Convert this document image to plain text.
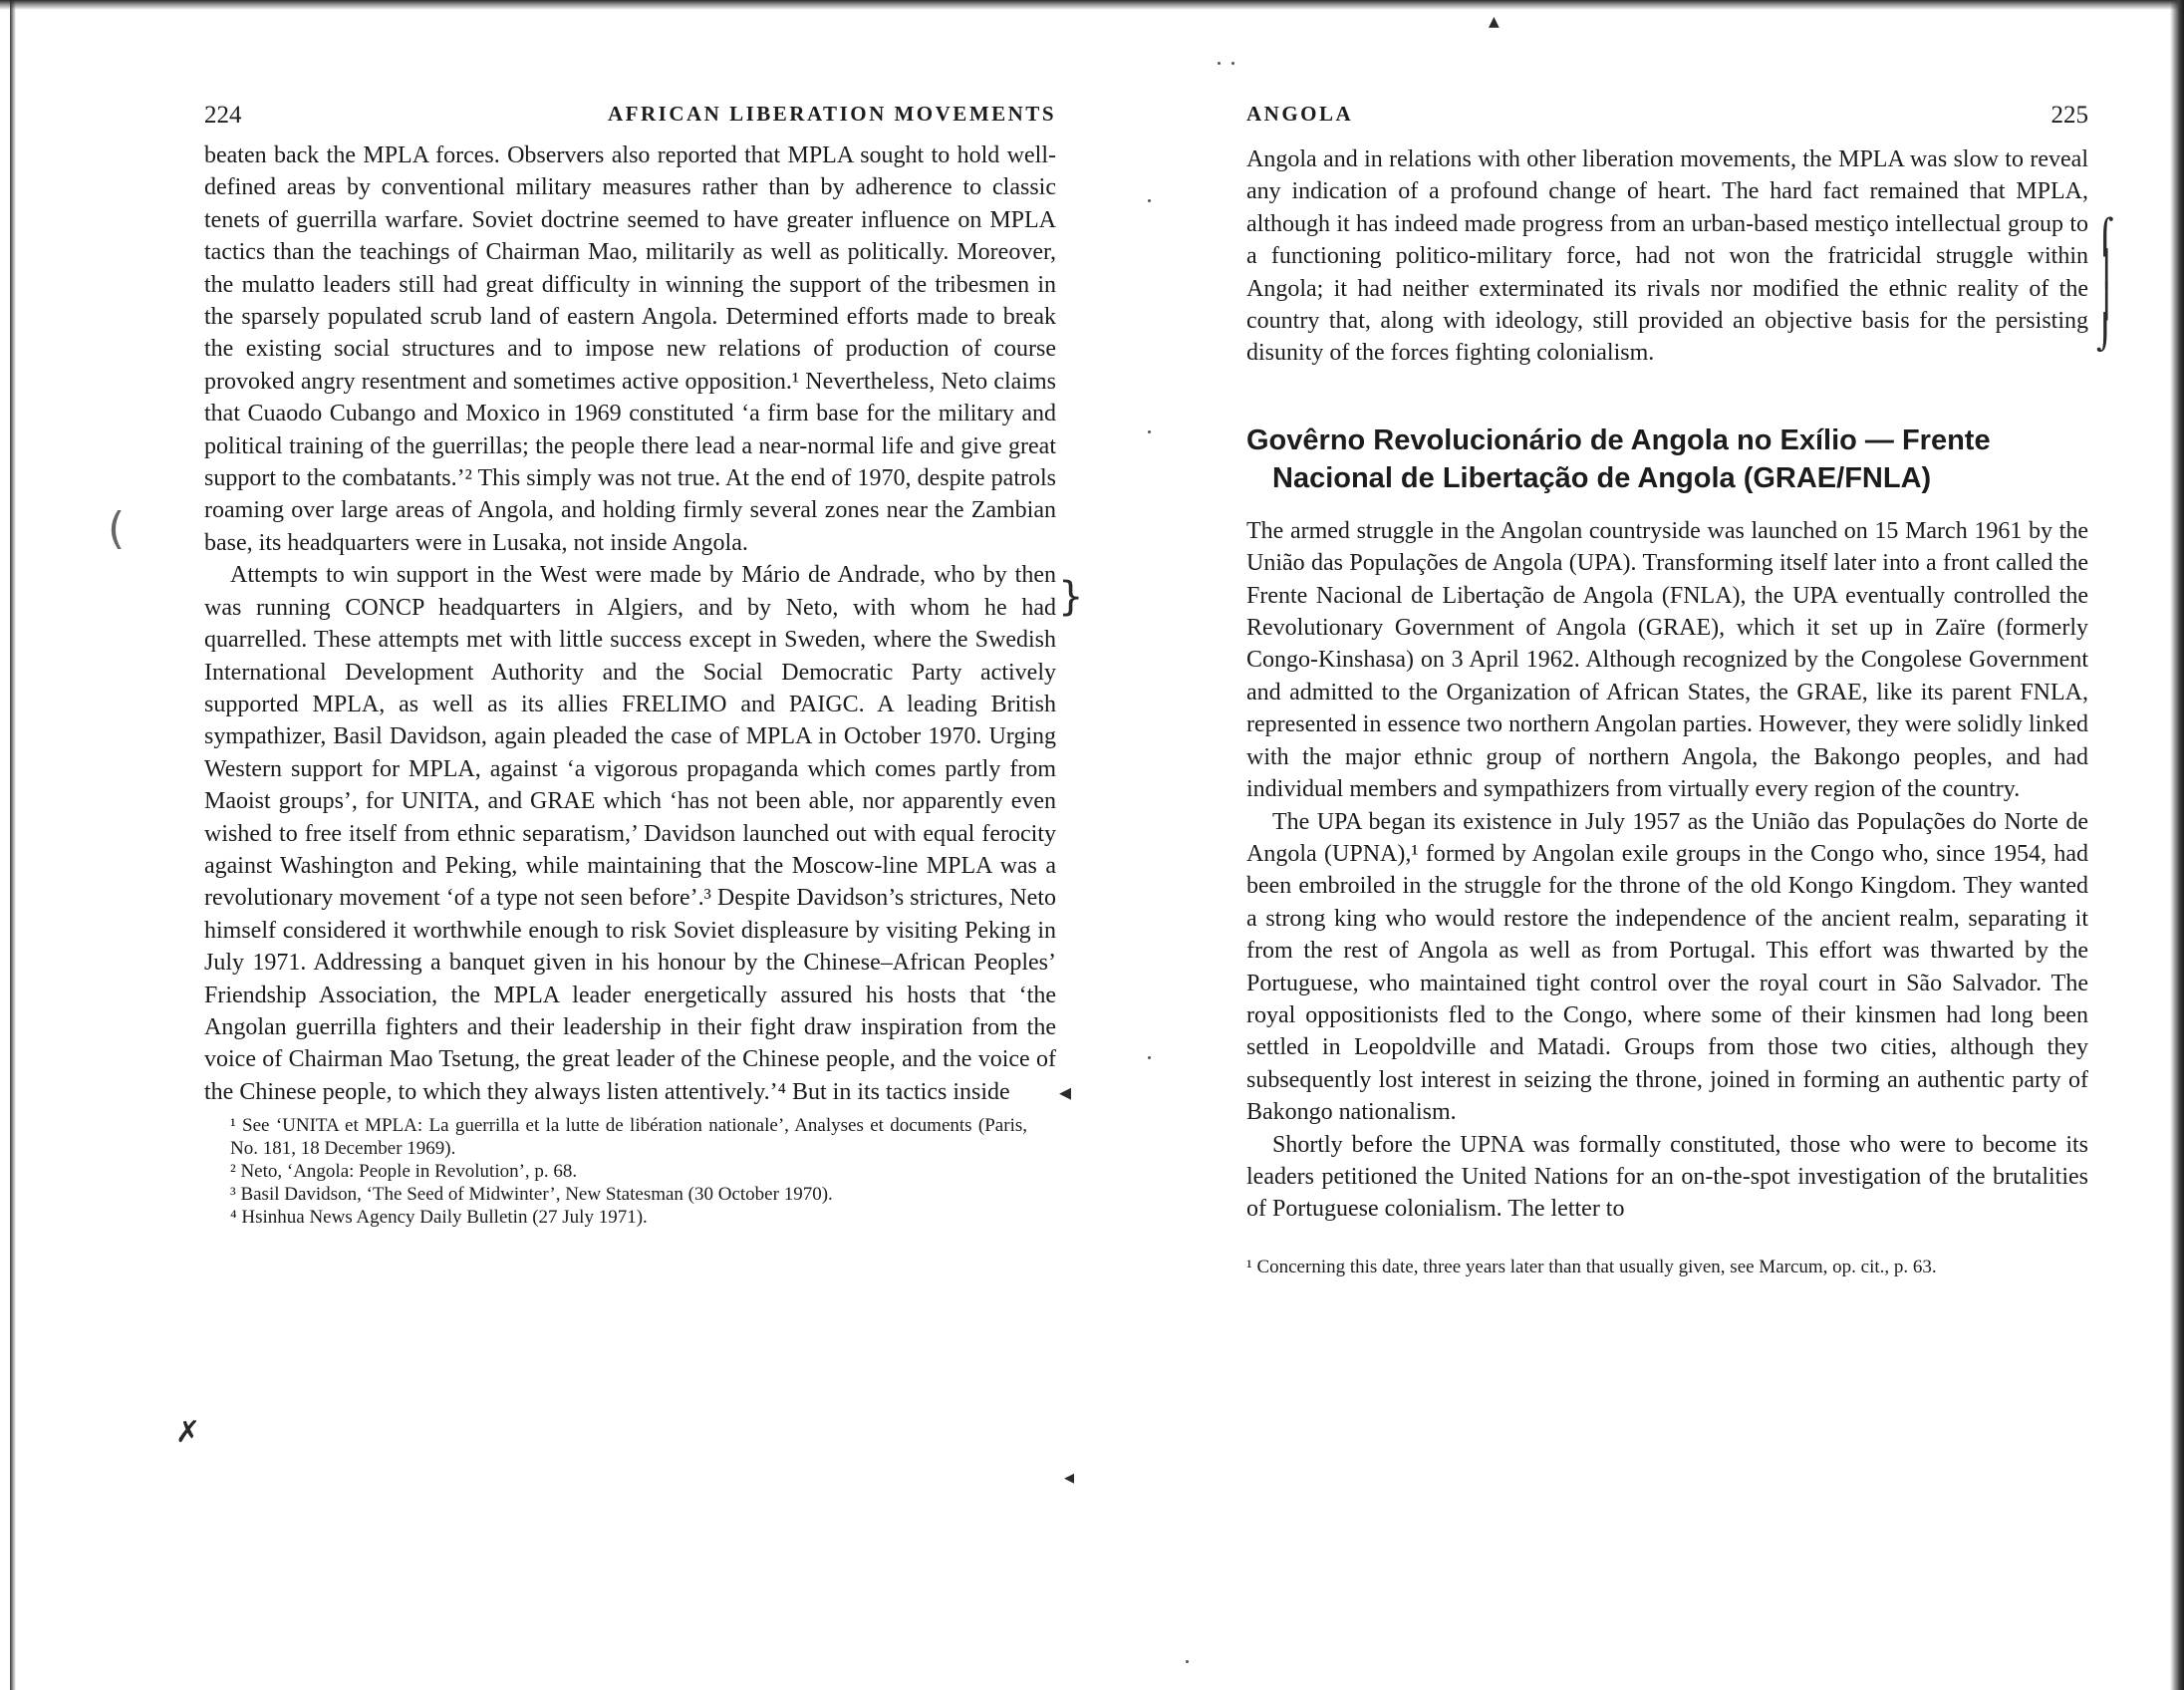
224	AFRICAN LIBERATION MOVEMENTS

beaten back the MPLA forces. Observers also reported that MPLA sought to hold well-defined areas by conventional military measures rather than by adherence to classic tenets of guerrilla warfare. Soviet doctrine seemed to have greater influence on MPLA tactics than the teachings of Chairman Mao, militarily as well as politically. Moreover, the mulatto leaders still had great difficulty in winning the support of the tribesmen in the sparsely populated scrub land of eastern Angola. Determined efforts made to break the existing social structures and to impose new relations of production of course provoked angry resentment and sometimes active opposition.¹ Nevertheless, Neto claims that Cuaodo Cubango and Moxico in 1969 constituted ‘a firm base for the military and political training of the guerrillas; the people there lead a near-normal life and give great support to the combatants.’² This simply was not true. At the end of 1970, despite patrols roaming over large areas of Angola, and holding firmly several zones near the Zambian base, its headquarters were in Lusaka, not inside Angola.

Attempts to win support in the West were made by Mário de Andrade, who by then was running CONCP headquarters in Algiers, and by Neto, with whom he had quarrelled. These attempts met with little success except in Sweden, where the Swedish International Development Authority and the Social Democratic Party actively supported MPLA, as well as its allies FRELIMO and PAIGC. A leading British sympathizer, Basil Davidson, again pleaded the case of MPLA in October 1970. Urging Western support for MPLA, against ‘a vigorous propaganda which comes partly from Maoist groups’, for UNITA, and GRAE which ‘has not been able, nor apparently even wished to free itself from ethnic separatism,’ Davidson launched out with equal ferocity against Washington and Peking, while maintaining that the Moscow-line MPLA was a revolutionary movement ‘of a type not seen before’.³ Despite Davidson’s strictures, Neto himself considered it worthwhile enough to risk Soviet displeasure by visiting Peking in July 1971. Addressing a banquet given in his honour by the Chinese–African Peoples’ Friendship Association, the MPLA leader energetically assured his hosts that ‘the Angolan guerrilla fighters and their leadership in their fight draw inspiration from the voice of Chairman Mao Tsetung, the great leader of the Chinese people, and the voice of the Chinese people, to which they always listen attentively.’⁴ But in its tactics inside

¹ See ‘UNITA et MPLA: La guerrilla et la lutte de libération nationale’, Analyses et documents (Paris, No. 181, 18 December 1969).

² Neto, ‘Angola: People in Revolution’, p. 68.

³ Basil Davidson, ‘The Seed of Midwinter’, New Statesman (30 October 1970).

⁴ Hsinhua News Agency Daily Bulletin (27 July 1971).

ANGOLA	225

Angola and in relations with other liberation movements, the MPLA was slow to reveal any indication of a profound change of heart. The hard fact remained that MPLA, although it has indeed made progress from an urban-based mestiço intellectual group to a functioning politico-military force, had not won the fratricidal struggle within Angola; it had neither exterminated its rivals nor modified the ethnic reality of the country that, along with ideology, still provided an objective basis for the persisting disunity of the forces fighting colonialism.

Govêrno Revolucionário de Angola no Exílio — Frente
Nacional de Libertação de Angola (GRAE/FNLA)

The armed struggle in the Angolan countryside was launched on 15 March 1961 by the União das Populações de Angola (UPA). Transforming itself later into a front called the Frente Nacional de Libertação de Angola (FNLA), the UPA eventually controlled the Revolutionary Government of Angola (GRAE), which it set up in Zaïre (formerly Congo-Kinshasa) on 3 April 1962. Although recognized by the Congolese Government and admitted to the Organization of African States, the GRAE, like its parent FNLA, represented in essence two northern Angolan parties. However, they were solidly linked with the major ethnic group of northern Angola, the Bakongo peoples, and had individual members and sympathizers from virtually every region of the country.

The UPA began its existence in July 1957 as the União das Populações do Norte de Angola (UPNA),¹ formed by Angolan exile groups in the Congo who, since 1954, had been embroiled in the struggle for the throne of the old Kongo Kingdom. They wanted a strong king who would restore the independence of the ancient realm, separating it from the rest of Angola as well as from Portugal. This effort was thwarted by the Portuguese, who maintained tight control over the royal court in São Salvador. The royal oppositionists fled to the Congo, where some of their kinsmen had long been settled in Leopoldville and Matadi. Groups from those two cities, although they subsequently lost interest in seizing the throne, joined in forming an authentic party of Bakongo nationalism.

Shortly before the UPNA was formally constituted, those who were to become its leaders petitioned the United Nations for an on-the-spot investigation of the brutalities of Portuguese colonialism. The letter to

¹ Concerning this date, three years later than that usually given, see Marcum, op. cit., p. 63.

}
(
✗
◂
◂
⌠
│
│
⌡
▲
